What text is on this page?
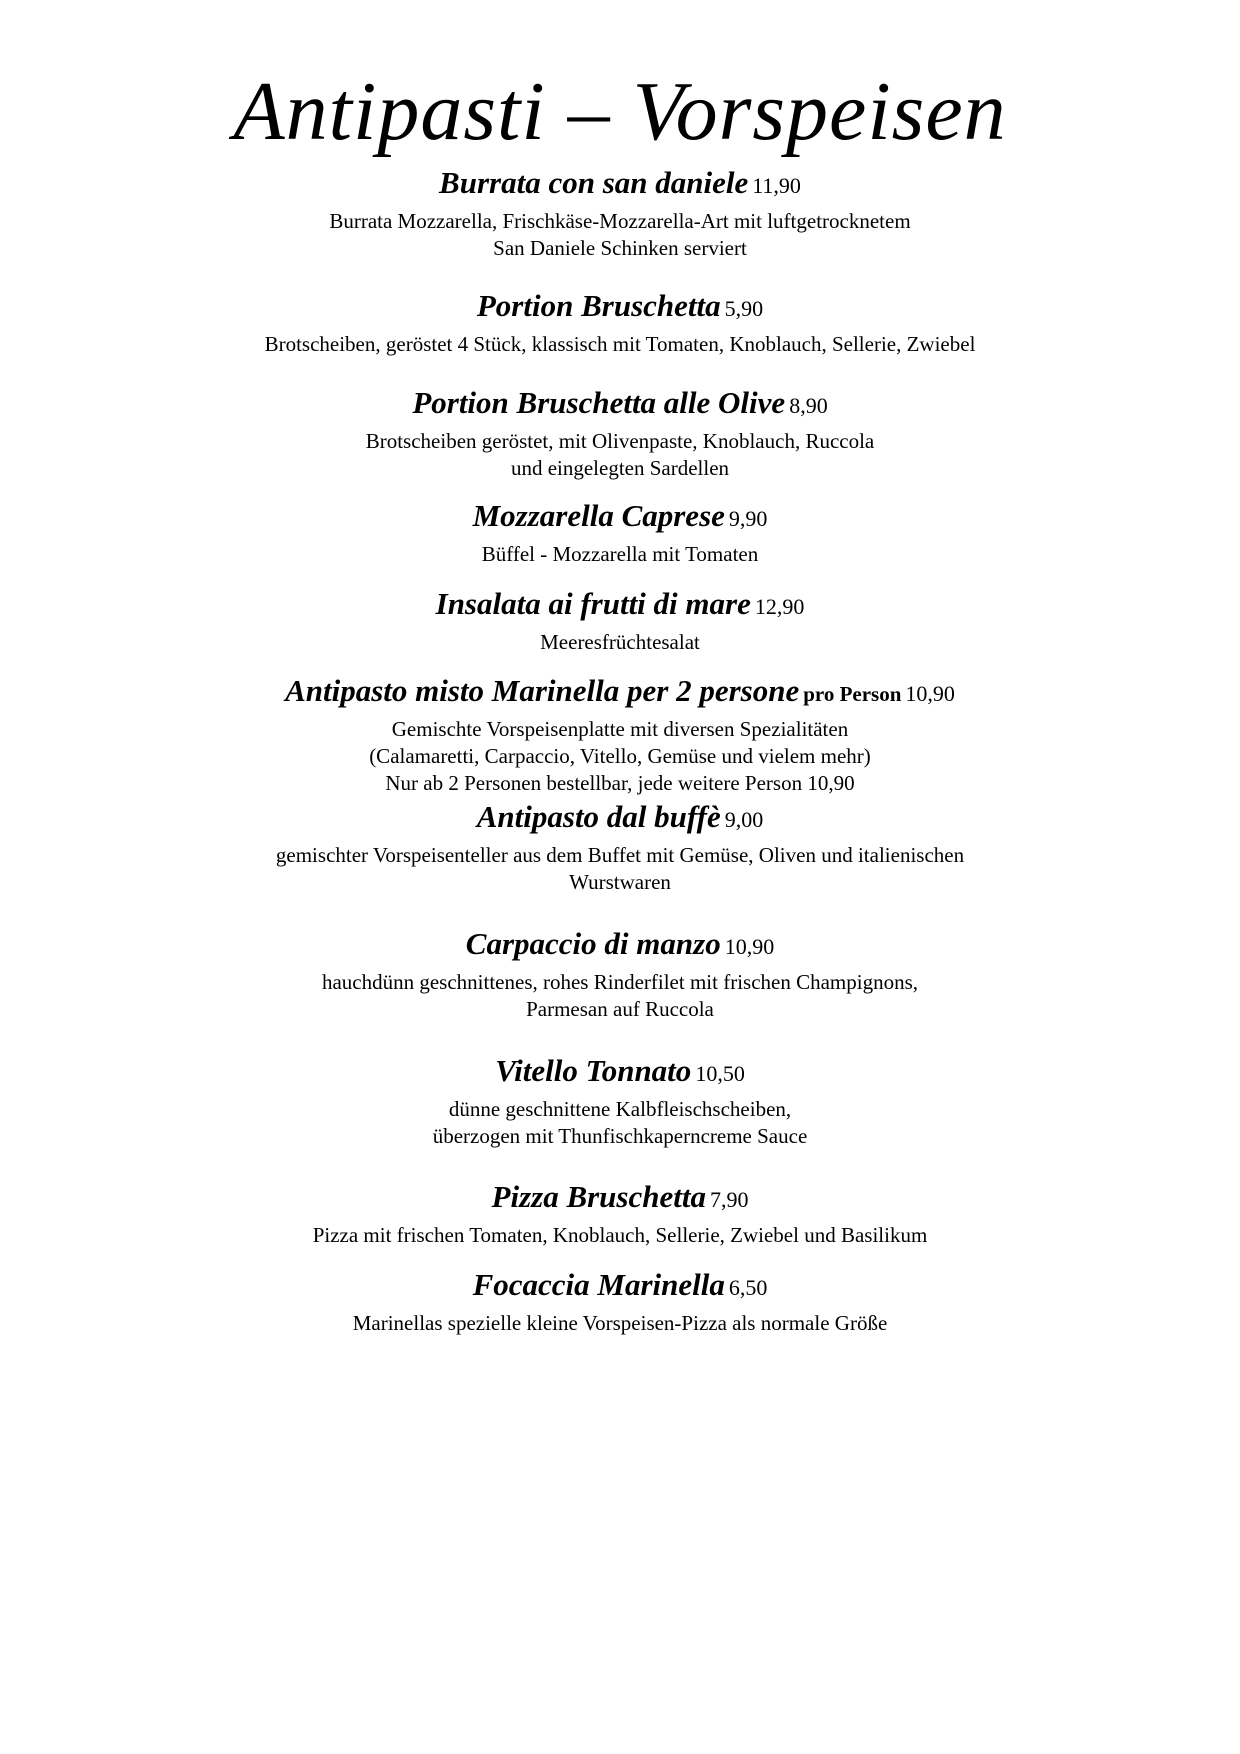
Antipasti – Vorspeisen
Burrata con san daniele 11,90
Burrata Mozzarella, Frischkäse-Mozzarella-Art mit luftgetrocknetem
San Daniele Schinken serviert
Portion Bruschetta 5,90
Brotscheiben, geröstet 4 Stück, klassisch mit Tomaten, Knoblauch, Sellerie, Zwiebel
Portion Bruschetta alle Olive 8,90
Brotscheiben geröstet, mit Olivenpaste, Knoblauch, Ruccola
und eingelegten Sardellen
Mozzarella Caprese 9,90
Büffel - Mozzarella mit Tomaten
Insalata ai frutti di mare 12,90
Meeresfrüchtesalat
Antipasto misto Marinella per 2 persone pro Person 10,90
Gemischte Vorspeisenplatte mit diversen Spezialitäten
(Calamaretti, Carpaccio, Vitello, Gemüse und vielem mehr)
Nur ab 2 Personen bestellbar, jede weitere Person 10,90
Antipasto dal buffè 9,00
gemischter Vorspeisenteller aus dem Buffet mit Gemüse, Oliven und italienischen
Wurstwaren
Carpaccio di manzo 10,90
hauchdünn geschnittenes, rohes Rinderfilet mit frischen Champignons,
Parmesan auf Ruccola
Vitello Tonnato 10,50
dünne geschnittene Kalbfleischscheiben,
überzogen mit Thunfischkaperncreme Sauce
Pizza Bruschetta 7,90
Pizza mit frischen Tomaten, Knoblauch, Sellerie, Zwiebel und Basilikum
Focaccia Marinella 6,50
Marinellas spezielle kleine Vorspeisen-Pizza als normale Größe
